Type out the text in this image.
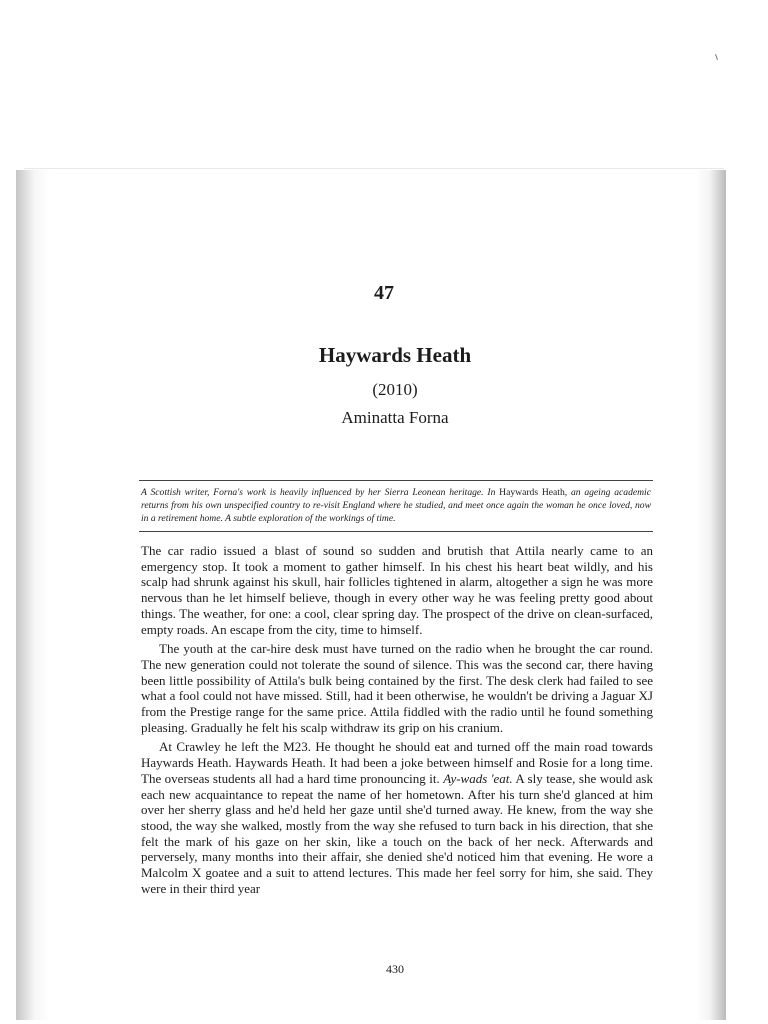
47
Haywards Heath
(2010)
Aminatta Forna

A Scottish writer, Forna's work is heavily influenced by her Sierra Leonean heritage. In Haywards Heath, an ageing academic returns from his own unspecified country to re-visit England where he studied, and meet once again the woman he once loved, now in a retirement home. A subtle exploration of the workings of time.

The car radio issued a blast of sound so sudden and brutish that Attila nearly came to an emergency stop. It took a moment to gather himself. In his chest his heart beat wildly, and his scalp had shrunk against his skull, hair follicles tightened in alarm, altogether a sign he was more nervous than he let himself believe, though in every other way he was feeling pretty good about things. The weather, for one: a cool, clear spring day. The prospect of the drive on clean-surfaced, empty roads. An escape from the city, time to himself.

The youth at the car-hire desk must have turned on the radio when he brought the car round. The new generation could not tolerate the sound of silence. This was the second car, there having been little possibility of Attila's bulk being contained by the first. The desk clerk had failed to see what a fool could not have missed. Still, had it been otherwise, he wouldn't be driving a Jaguar XJ from the Prestige range for the same price. Attila fiddled with the radio until he found something pleasing. Gradually he felt his scalp withdraw its grip on his cranium.

At Crawley he left the M23. He thought he should eat and turned off the main road towards Haywards Heath. Haywards Heath. It had been a joke between himself and Rosie for a long time. The overseas students all had a hard time pronouncing it. Ay-wads 'eat. A sly tease, she would ask each new acquaintance to repeat the name of her hometown. After his turn she'd glanced at him over her sherry glass and he'd held her gaze until she'd turned away. He knew, from the way she stood, the way she walked, mostly from the way she refused to turn back in his direction, that she felt the mark of his gaze on her skin, like a touch on the back of her neck. Afterwards and perversely, many months into their affair, she denied she'd noticed him that evening. He wore a Malcolm X goatee and a suit to attend lectures. This made her feel sorry for him, she said. They were in their third year

430
